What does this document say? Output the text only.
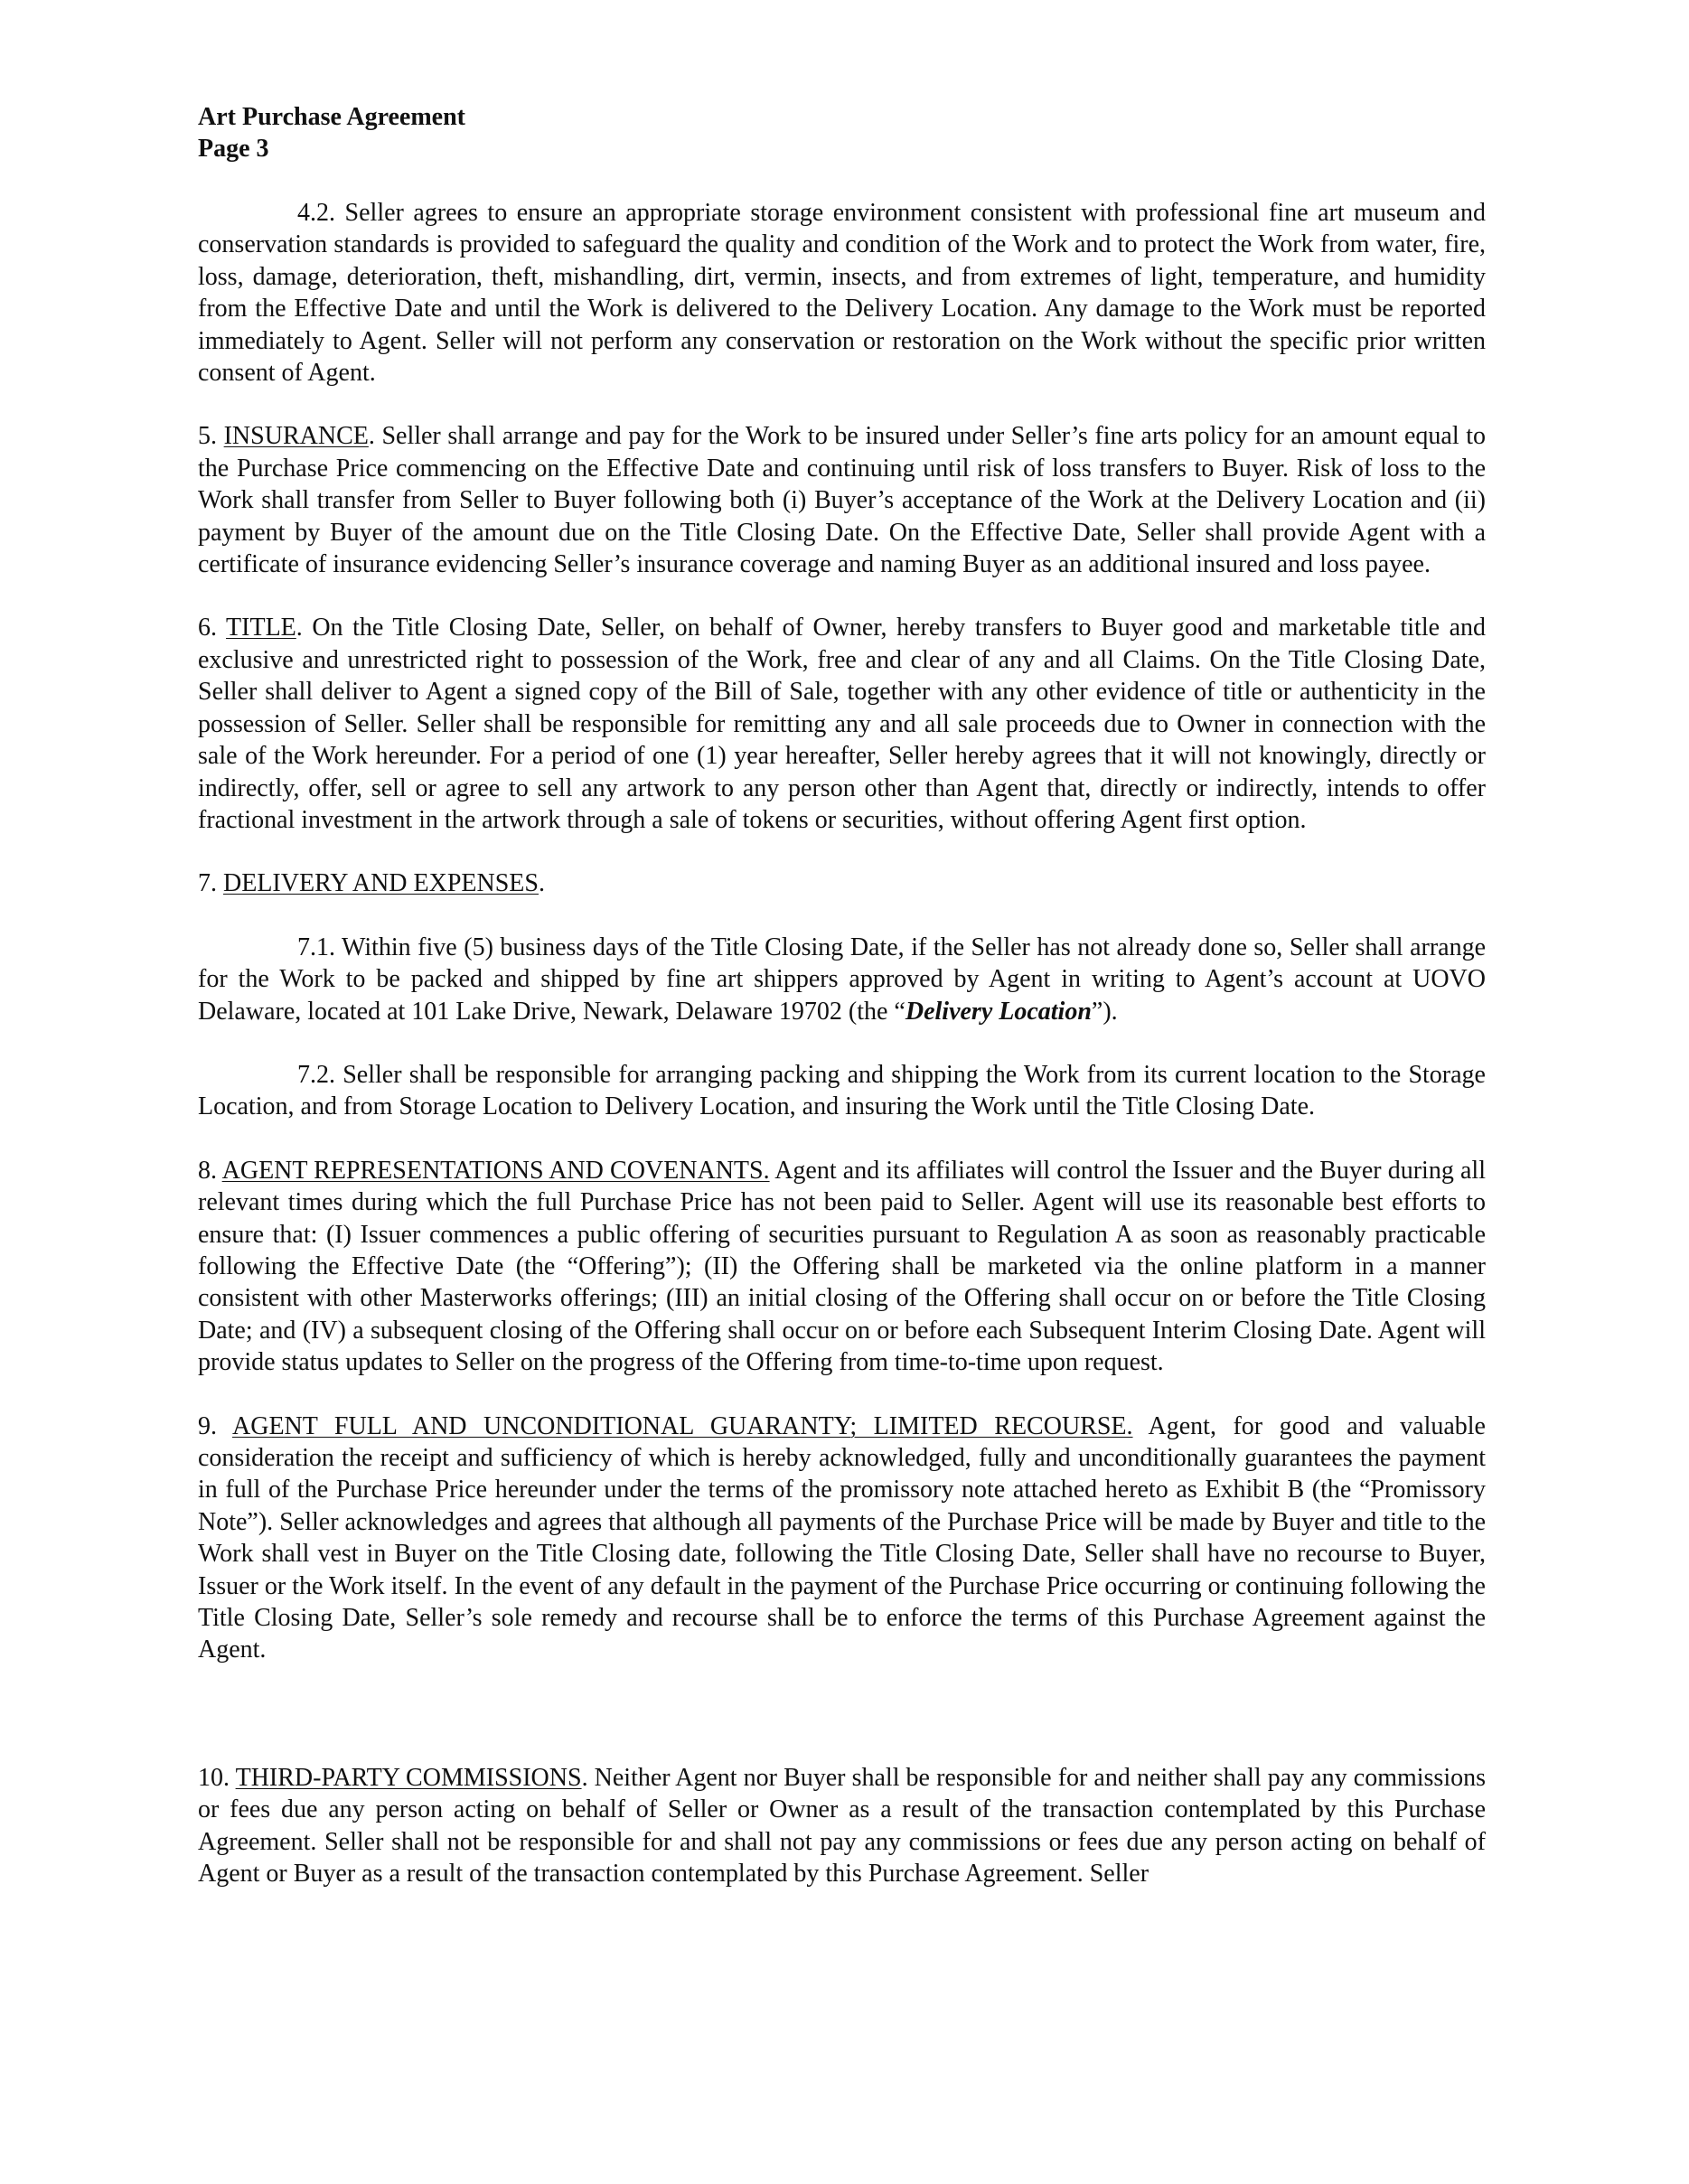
Art Purchase Agreement
Page 3

4.2. Seller agrees to ensure an appropriate storage environment consistent with professional fine art museum and conservation standards is provided to safeguard the quality and condition of the Work and to protect the Work from water, fire, loss, damage, deterioration, theft, mishandling, dirt, vermin, insects, and from extremes of light, temperature, and humidity from the Effective Date and until the Work is delivered to the Delivery Location. Any damage to the Work must be reported immediately to Agent. Seller will not perform any conservation or restoration on the Work without the specific prior written consent of Agent.

5. INSURANCE. Seller shall arrange and pay for the Work to be insured under Seller’s fine arts policy for an amount equal to the Purchase Price commencing on the Effective Date and continuing until risk of loss transfers to Buyer. Risk of loss to the Work shall transfer from Seller to Buyer following both (i) Buyer’s acceptance of the Work at the Delivery Location and (ii) payment by Buyer of the amount due on the Title Closing Date. On the Effective Date, Seller shall provide Agent with a certificate of insurance evidencing Seller’s insurance coverage and naming Buyer as an additional insured and loss payee.

6. TITLE. On the Title Closing Date, Seller, on behalf of Owner, hereby transfers to Buyer good and marketable title and exclusive and unrestricted right to possession of the Work, free and clear of any and all Claims. On the Title Closing Date, Seller shall deliver to Agent a signed copy of the Bill of Sale, together with any other evidence of title or authenticity in the possession of Seller. Seller shall be responsible for remitting any and all sale proceeds due to Owner in connection with the sale of the Work hereunder. For a period of one (1) year hereafter, Seller hereby agrees that it will not knowingly, directly or indirectly, offer, sell or agree to sell any artwork to any person other than Agent that, directly or indirectly, intends to offer fractional investment in the artwork through a sale of tokens or securities, without offering Agent first option.

7. DELIVERY AND EXPENSES.

7.1. Within five (5) business days of the Title Closing Date, if the Seller has not already done so, Seller shall arrange for the Work to be packed and shipped by fine art shippers approved by Agent in writing to Agent’s account at UOVO Delaware, located at 101 Lake Drive, Newark, Delaware 19702 (the “Delivery Location”).

7.2. Seller shall be responsible for arranging packing and shipping the Work from its current location to the Storage Location, and from Storage Location to Delivery Location, and insuring the Work until the Title Closing Date.

8. AGENT REPRESENTATIONS AND COVENANTS. Agent and its affiliates will control the Issuer and the Buyer during all relevant times during which the full Purchase Price has not been paid to Seller. Agent will use its reasonable best efforts to ensure that: (I) Issuer commences a public offering of securities pursuant to Regulation A as soon as reasonably practicable following the Effective Date (the “Offering”); (II) the Offering shall be marketed via the online platform in a manner consistent with other Masterworks offerings; (III) an initial closing of the Offering shall occur on or before the Title Closing Date; and (IV) a subsequent closing of the Offering shall occur on or before each Subsequent Interim Closing Date. Agent will provide status updates to Seller on the progress of the Offering from time-to-time upon request.

9. AGENT FULL AND UNCONDITIONAL GUARANTY; LIMITED RECOURSE. Agent, for good and valuable consideration the receipt and sufficiency of which is hereby acknowledged, fully and unconditionally guarantees the payment in full of the Purchase Price hereunder under the terms of the promissory note attached hereto as Exhibit B (the “Promissory Note”). Seller acknowledges and agrees that although all payments of the Purchase Price will be made by Buyer and title to the Work shall vest in Buyer on the Title Closing date, following the Title Closing Date, Seller shall have no recourse to Buyer, Issuer or the Work itself. In the event of any default in the payment of the Purchase Price occurring or continuing following the Title Closing Date, Seller’s sole remedy and recourse shall be to enforce the terms of this Purchase Agreement against the Agent.

10. THIRD-PARTY COMMISSIONS. Neither Agent nor Buyer shall be responsible for and neither shall pay any commissions or fees due any person acting on behalf of Seller or Owner as a result of the transaction contemplated by this Purchase Agreement. Seller shall not be responsible for and shall not pay any commissions or fees due any person acting on behalf of Agent or Buyer as a result of the transaction contemplated by this Purchase Agreement. Seller
